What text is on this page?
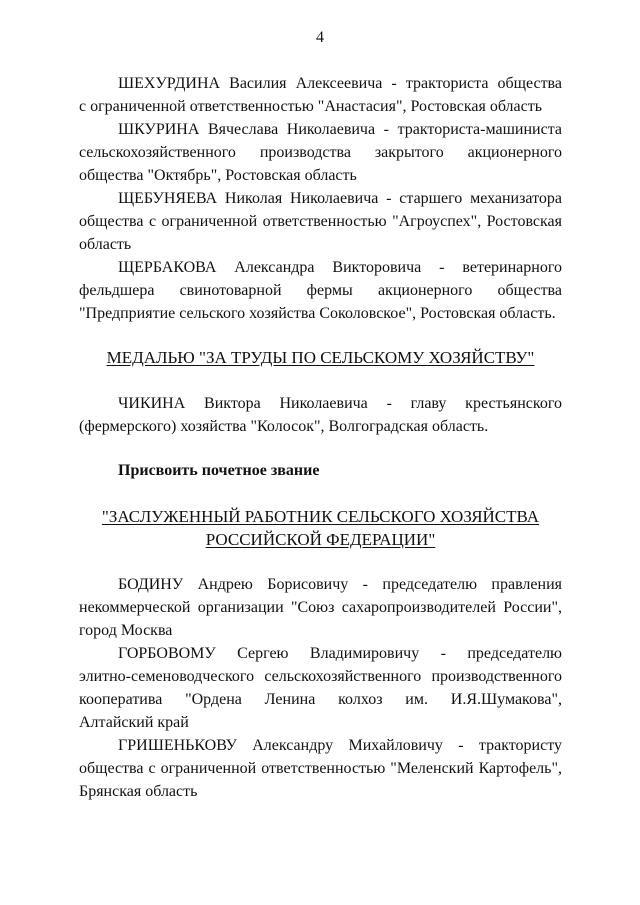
4

ШЕХУРДИНА Василия Алексеевича - тракториста общества

с ограниченной ответственностью "Анастасия", Ростовская область

ШКУРИНА Вячеслава Николаевича - тракториста-машиниста

сельскохозяйственного производства закрытого акционерного

общества "Октябрь", Ростовская область

ЩЕБУНЯЕВА Николая Николаевича - старшего механизатора

общества с ограниченной ответственностью "Агроуспех", Ростовская

область

ЩЕРБАКОВА Александра Викторовича - ветеринарного

фельдшера свинотоварной фермы акционерного общества

"Предприятие сельского хозяйства Соколовское", Ростовская область.

МЕДАЛЬЮ "ЗА ТРУДЫ ПО СЕЛЬСКОМУ ХОЗЯЙСТВУ"

ЧИКИНА Виктора Николаевича - главу крестьянского

(фермерского) хозяйства "Колосок", Волгоградская область.

Присвоить почетное звание

"ЗАСЛУЖЕННЫЙ РАБОТНИК СЕЛЬСКОГО ХОЗЯЙСТВА

РОССИЙСКОЙ ФЕДЕРАЦИИ"

БОДИНУ Андрею Борисовичу - председателю правления

некоммерческой организации "Союз сахаропроизводителей России",

город Москва

ГОРБОВОМУ Сергею Владимировичу - председателю

элитно-семеноводческого сельскохозяйственного производственного

кооператива "Ордена Ленина колхоз им. И.Я.Шумакова",

Алтайский край

ГРИШЕНЬКОВУ Александру Михайловичу - трактористу

общества с ограниченной ответственностью "Меленский Картофель",

Брянская область
